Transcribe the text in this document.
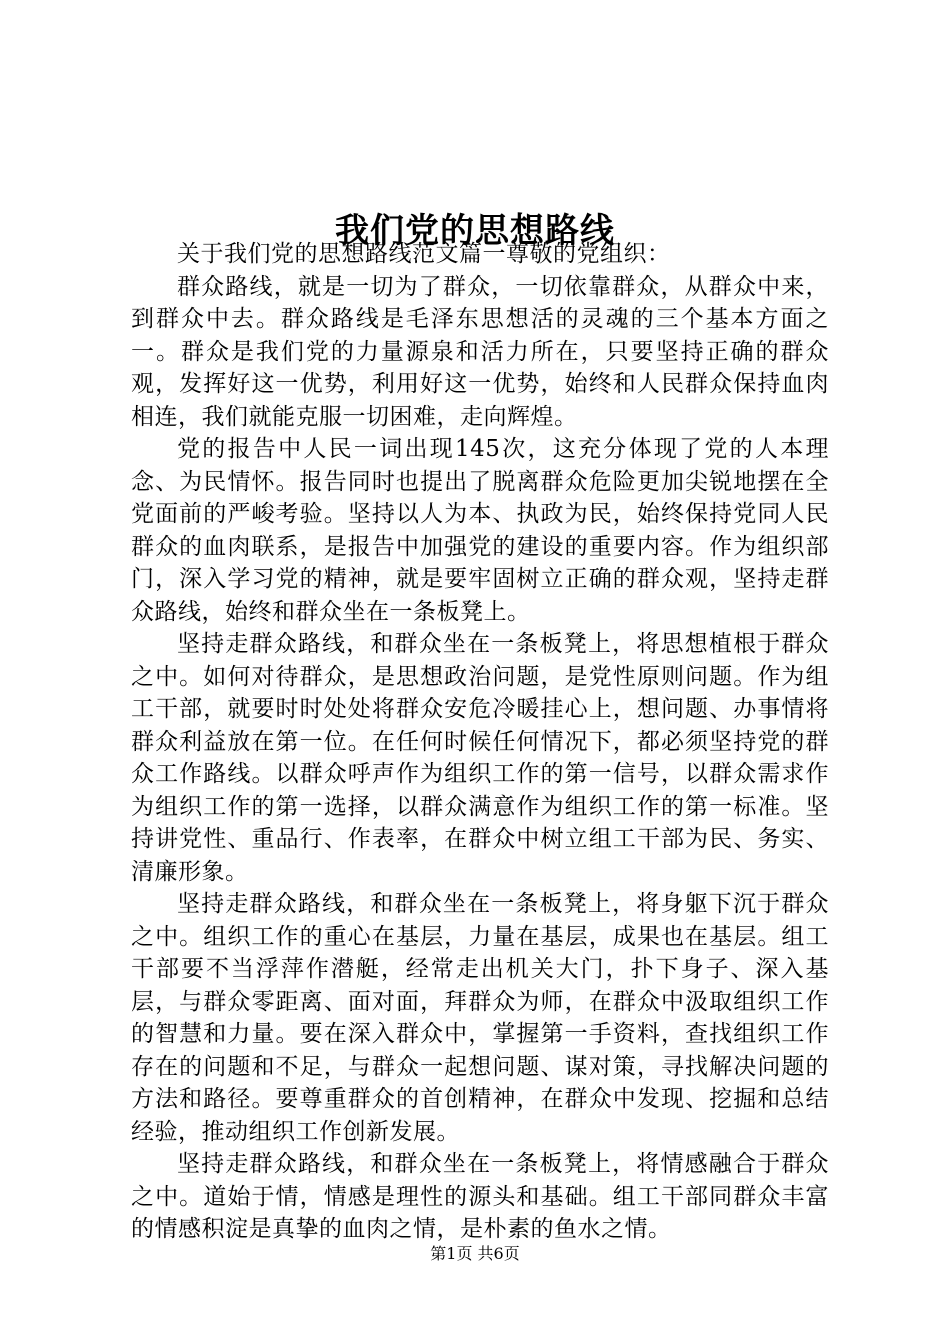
我们党的思想路线

关于我们党的思想路线范文篇一尊敬的党组织：

群众路线，就是一切为了群众，一切依靠群众，从群众中来，到群众中去。群众路线是毛泽东思想活的灵魂的三个基本方面之一。群众是我们党的力量源泉和活力所在，只要坚持正确的群众观，发挥好这一优势，利用好这一优势，始终和人民群众保持血肉相连，我们就能克服一切困难，走向辉煌。

党的报告中人民一词出现145次，这充分体现了党的人本理念、为民情怀。报告同时也提出了脱离群众危险更加尖锐地摆在全党面前的严峻考验。坚持以人为本、执政为民，始终保持党同人民群众的血肉联系，是报告中加强党的建设的重要内容。作为组织部门，深入学习党的精神，就是要牢固树立正确的群众观，坚持走群众路线，始终和群众坐在一条板凳上。

坚持走群众路线，和群众坐在一条板凳上，将思想植根于群众之中。如何对待群众，是思想政治问题，是党性原则问题。作为组工干部，就要时时处处将群众安危冷暖挂心上，想问题、办事情将群众利益放在第一位。在任何时候任何情况下，都必须坚持党的群众工作路线。以群众呼声作为组织工作的第一信号，以群众需求作为组织工作的第一选择，以群众满意作为组织工作的第一标准。坚持讲党性、重品行、作表率，在群众中树立组工干部为民、务实、清廉形象。

坚持走群众路线，和群众坐在一条板凳上，将身躯下沉于群众之中。组织工作的重心在基层，力量在基层，成果也在基层。组工干部要不当浮萍作潜艇，经常走出机关大门，扑下身子、深入基层，与群众零距离、面对面，拜群众为师，在群众中汲取组织工作的智慧和力量。要在深入群众中，掌握第一手资料，查找组织工作存在的问题和不足，与群众一起想问题、谋对策，寻找解决问题的方法和路径。要尊重群众的首创精神，在群众中发现、挖掘和总结经验，推动组织工作创新发展。

坚持走群众路线，和群众坐在一条板凳上，将情感融合于群众之中。道始于情，情感是理性的源头和基础。组工干部同群众丰富的情感积淀是真挚的血肉之情，是朴素的鱼水之情。

第1页 共6页
